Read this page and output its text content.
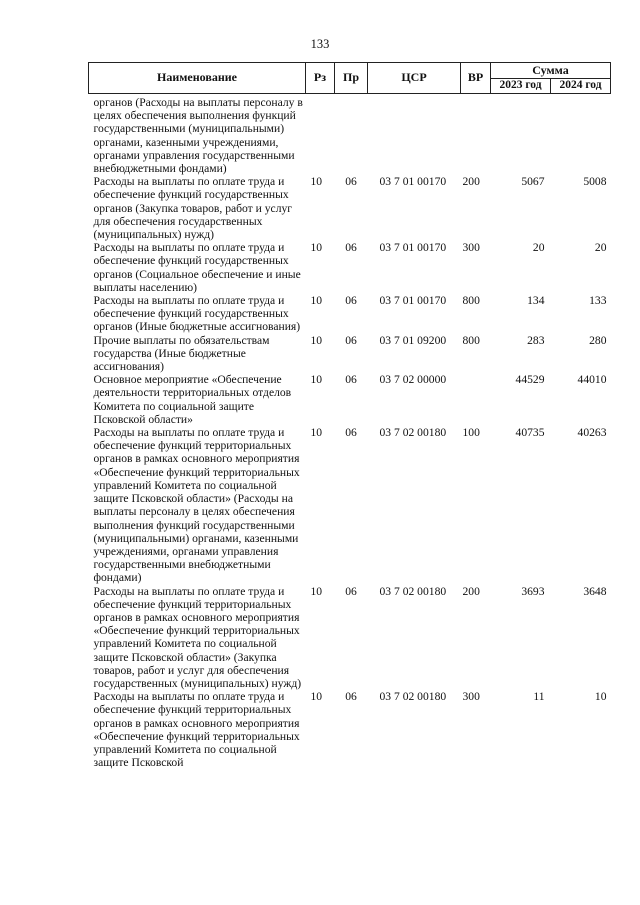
133
Наименование	Рз	Пр	ЦСР	ВР	Сумма	
					2023 год	2024 год
органов (Расходы на выплаты персоналу в целях обеспечения выполнения функций государственными (муниципальными) органами, казенными учреждениями, органами управления государственными внебюджетными фондами)						
Расходы на выплаты по оплате труда и обеспечение функций государственных органов (Закупка товаров, работ и услуг для обеспечения государственных (муниципальных) нужд)	10	06	03 7 01 00170	200	5067	5008
Расходы на выплаты по оплате труда и обеспечение функций государственных органов (Социальное обеспечение и иные выплаты населению)	10	06	03 7 01 00170	300	20	20
Расходы на выплаты по оплате труда и обеспечение функций государственных органов (Иные бюджетные ассигнования)	10	06	03 7 01 00170	800	134	133
Прочие выплаты по обязательствам государства (Иные бюджетные ассигнования)	10	06	03 7 01 09200	800	283	280
Основное мероприятие «Обеспечение деятельности территориальных отделов Комитета по социальной защите Псковской области»	10	06	03 7 02 00000		44529	44010
Расходы на выплаты по оплате труда и обеспечение функций территориальных органов в рамках основного мероприятия «Обеспечение функций территориальных управлений Комитета по социальной защите Псковской области» (Расходы на выплаты персоналу в целях обеспечения выполнения функций государственными (муниципальными) органами, казенными учреждениями, органами управления государственными внебюджетными фондами)	10	06	03 7 02 00180	100	40735	40263
Расходы на выплаты по оплате труда и обеспечение функций территориальных органов в рамках основного мероприятия «Обеспечение функций территориальных управлений Комитета по социальной защите Псковской области» (Закупка товаров, работ и услуг для обеспечения государственных (муниципальных) нужд)	10	06	03 7 02 00180	200	3693	3648
Расходы на выплаты по оплате труда и обеспечение функций территориальных органов в рамках основного мероприятия «Обеспечение функций территориальных управлений Комитета по социальной защите Псковской	10	06	03 7 02 00180	300	11	10
